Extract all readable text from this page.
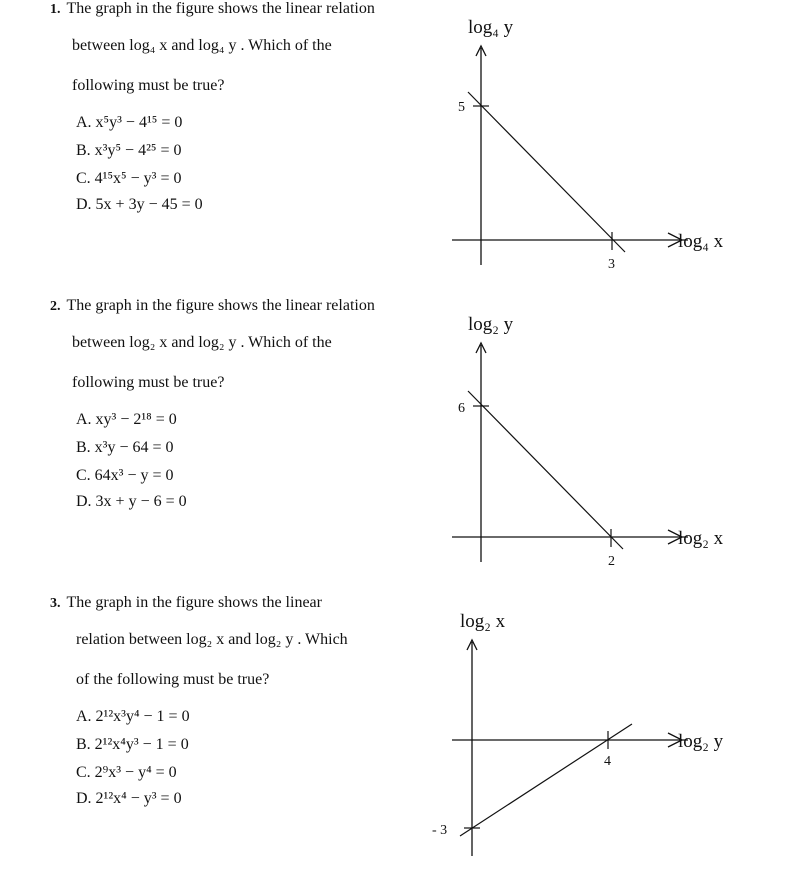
1. The graph in the figure shows the linear relation
between log₄ x and log₄ y . Which of the
following must be true?
A. x⁵y³ − 4¹⁵ = 0
B. x³y⁵ − 4²⁵ = 0
C. 4¹⁵x⁵ − y³ = 0
D. 5x + 3y − 45 = 0
log₄ y
log₄ x
5
3
2. The graph in the figure shows the linear relation
between log₂ x and log₂ y . Which of the
following must be true?
A. xy³ − 2¹⁸ = 0
B. x³y − 64 = 0
C. 64x³ − y = 0
D. 3x + y − 6 = 0
log₂ y
log₂ x
6
2
3. The graph in the figure shows the linear
relation between log₂ x and log₂ y . Which
of the following must be true?
A. 2¹²x³y⁴ − 1 = 0
B. 2¹²x⁴y³ − 1 = 0
C. 2⁹x³ − y⁴ = 0
D. 2¹²x⁴ − y³ = 0
log₂ x
log₂ y
- 3
4
